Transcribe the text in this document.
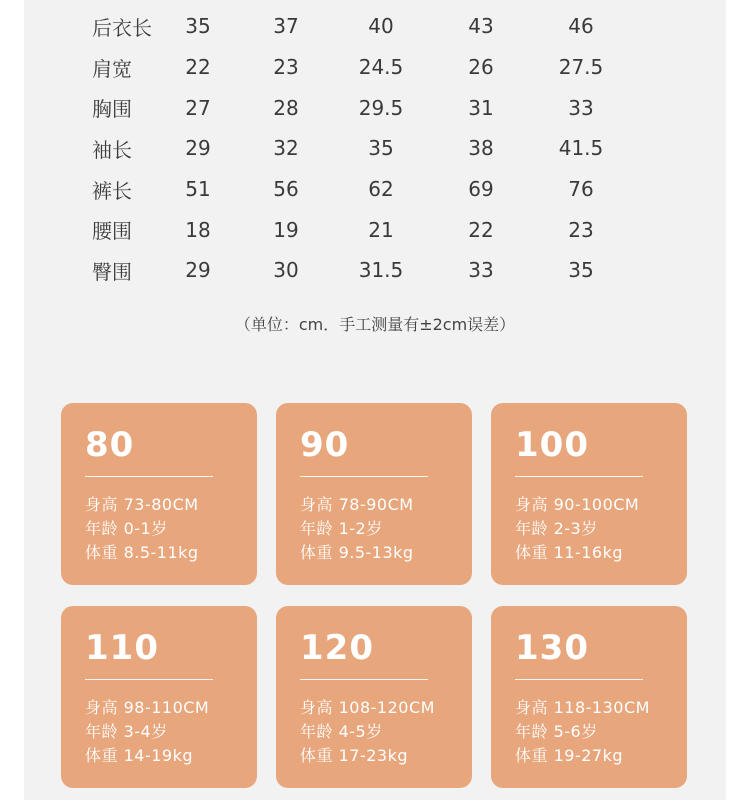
后衣长	35	37	40	43	46
肩宽	22	23	24.5	26	27.5
胸围	27	28	29.5	31	33
袖长	29	32	35	38	41.5
裤长	51	56	62	69	76
腰围	18	19	21	22	23
臀围	29	30	31.5	33	35
（单位：cm．手工测量有±2cm误差）
80
身高 73-80CM
年龄 0-1岁
体重 8.5-11kg
90
身高 78-90CM
年龄 1-2岁
体重 9.5-13kg
100
身高 90-100CM
年龄 2-3岁
体重 11-16kg
110
身高 98-110CM
年龄 3-4岁
体重 14-19kg
120
身高 108-120CM
年龄 4-5岁
体重 17-23kg
130
身高 118-130CM
年龄 5-6岁
体重 19-27kg
